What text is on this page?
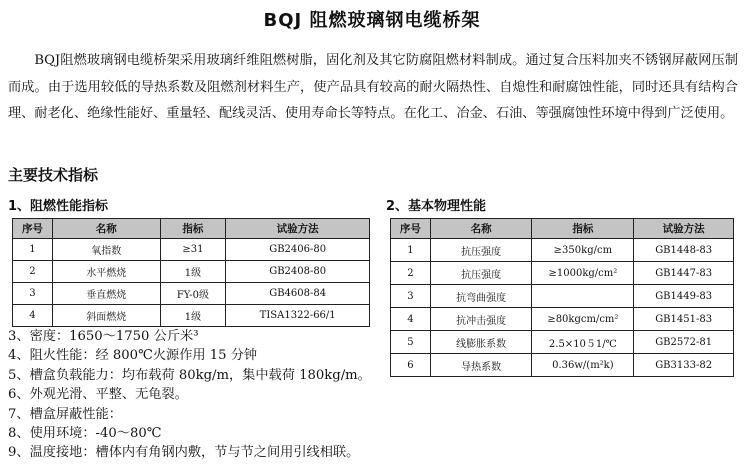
BQJ 阻燃玻璃钢电缆桥架

BQJ阻燃玻璃钢电缆桥架采用玻璃纤维阻燃树脂，固化剂及其它防腐阻燃材料制成。通过复合压料加夹不锈钢屏蔽网压制而成。由于选用较低的导热系数及阻燃剂材料生产，使产品具有较高的耐火隔热性、自熄性和耐腐蚀性能，同时还具有结构合理、耐老化、绝缘性能好、重量轻、配线灵活、使用寿命长等特点。在化工、冶金、石油、等强腐蚀性环境中得到广泛使用。

主要技术指标
1、阻燃性能指标	2、基本物理性能
序号	名称	指标	试验方法
1	氧指数	≥31	GB2406-80
2	水平燃烧	1级	GB2408-80
3	垂直燃烧	FY-0级	GB4608-84
4	斜面燃烧	1级	TISA1322-66/1
序号	名称	指标	试验方法
1	抗压强度	≥350kg/cm	GB1448-83
2	抗压强度	≥1000kg/cm²	GB1447-83
3	抗弯曲强度		GB1449-83
4	抗冲击强度	≥80kgcm/cm²	GB1451-83
5	线膨胀系数	2.5×10５1/℃	GB2572-81
6	导热系数	0.36w/(m²k)	GB3133-82
3、密度：1650～1750 公斤米³
4、阻火性能：经 800℃火源作用 15 分钟
5、槽盒负载能力：均布载荷 80kg/m，集中载荷 180kg/m。
6、外观光滑、平整、无龟裂。
7、槽盒屏蔽性能：
8、使用环境：-40～80℃
9、温度接地：槽体内有角钢内敷，节与节之间用引线相联。
